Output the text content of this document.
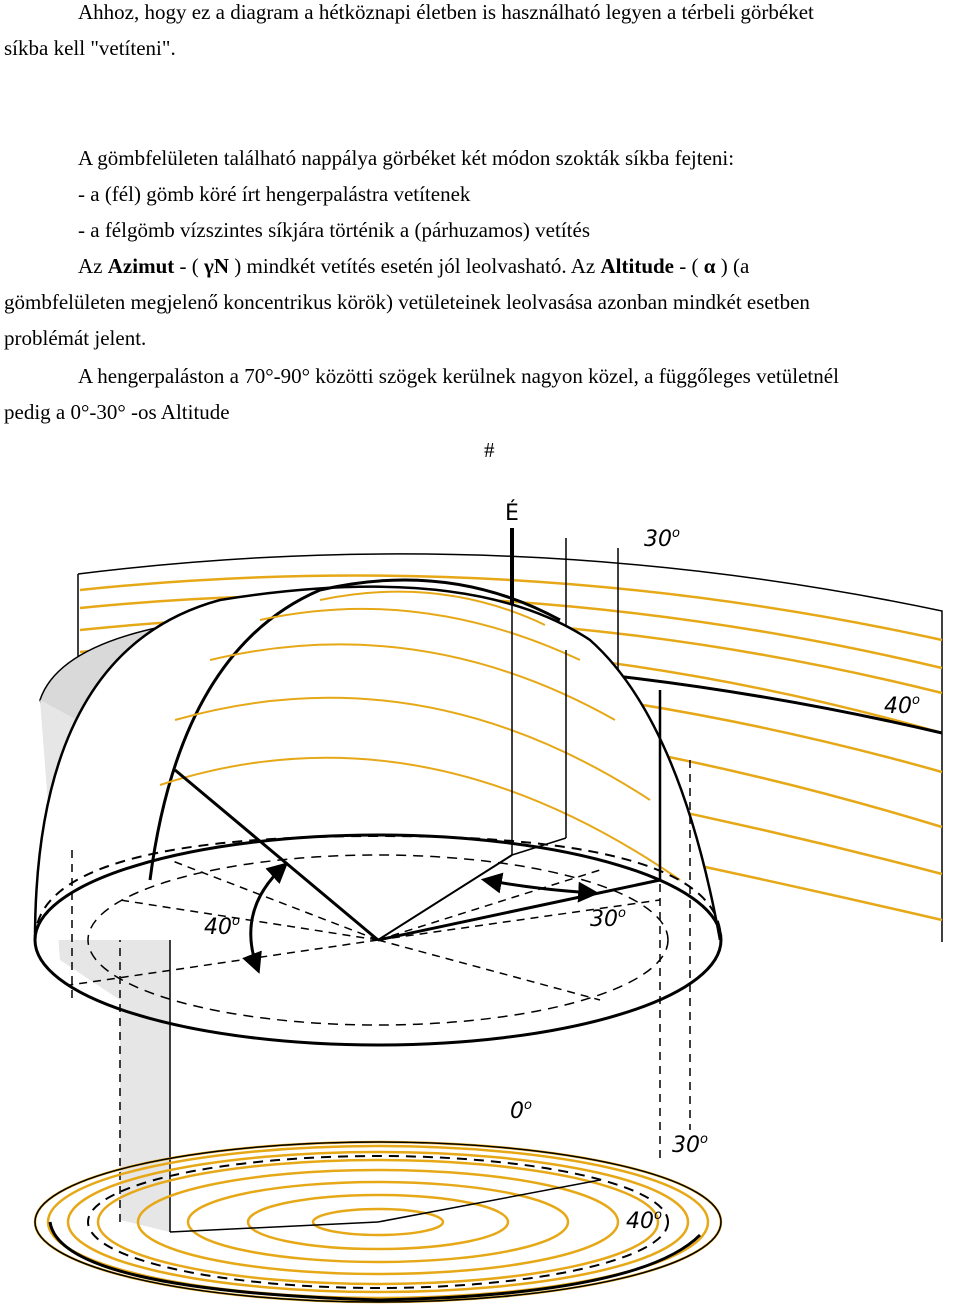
Ahhoz, hogy ez a diagram a hétköznapi életben is használható legyen a térbeli görbéket
síkba kell "vetíteni".
A gömbfelületen található nappálya görbéket két módon szokták síkba fejteni:
- a (fél) gömb köré írt hengerpalástra vetítenek
- a félgömb vízszintes síkjára történik a (párhuzamos) vetítés
Az Azimut - ( γN ) mindkét vetítés esetén jól leolvasható. Az Altitude - ( α ) (a
gömbfelületen megjelenő koncentrikus körök) vetületeinek leolvasása azonban mindkét esetben
problémát jelent.
A hengerpaláston a 70°-90° közötti szögek kerülnek nagyon közel, a függőleges vetületnél
pedig a 0°-30° -os Altitude
#
É
30$^o$
40$^o$
40$^o$	30$^o$
0$^o$
30$^o$
40$^o$
